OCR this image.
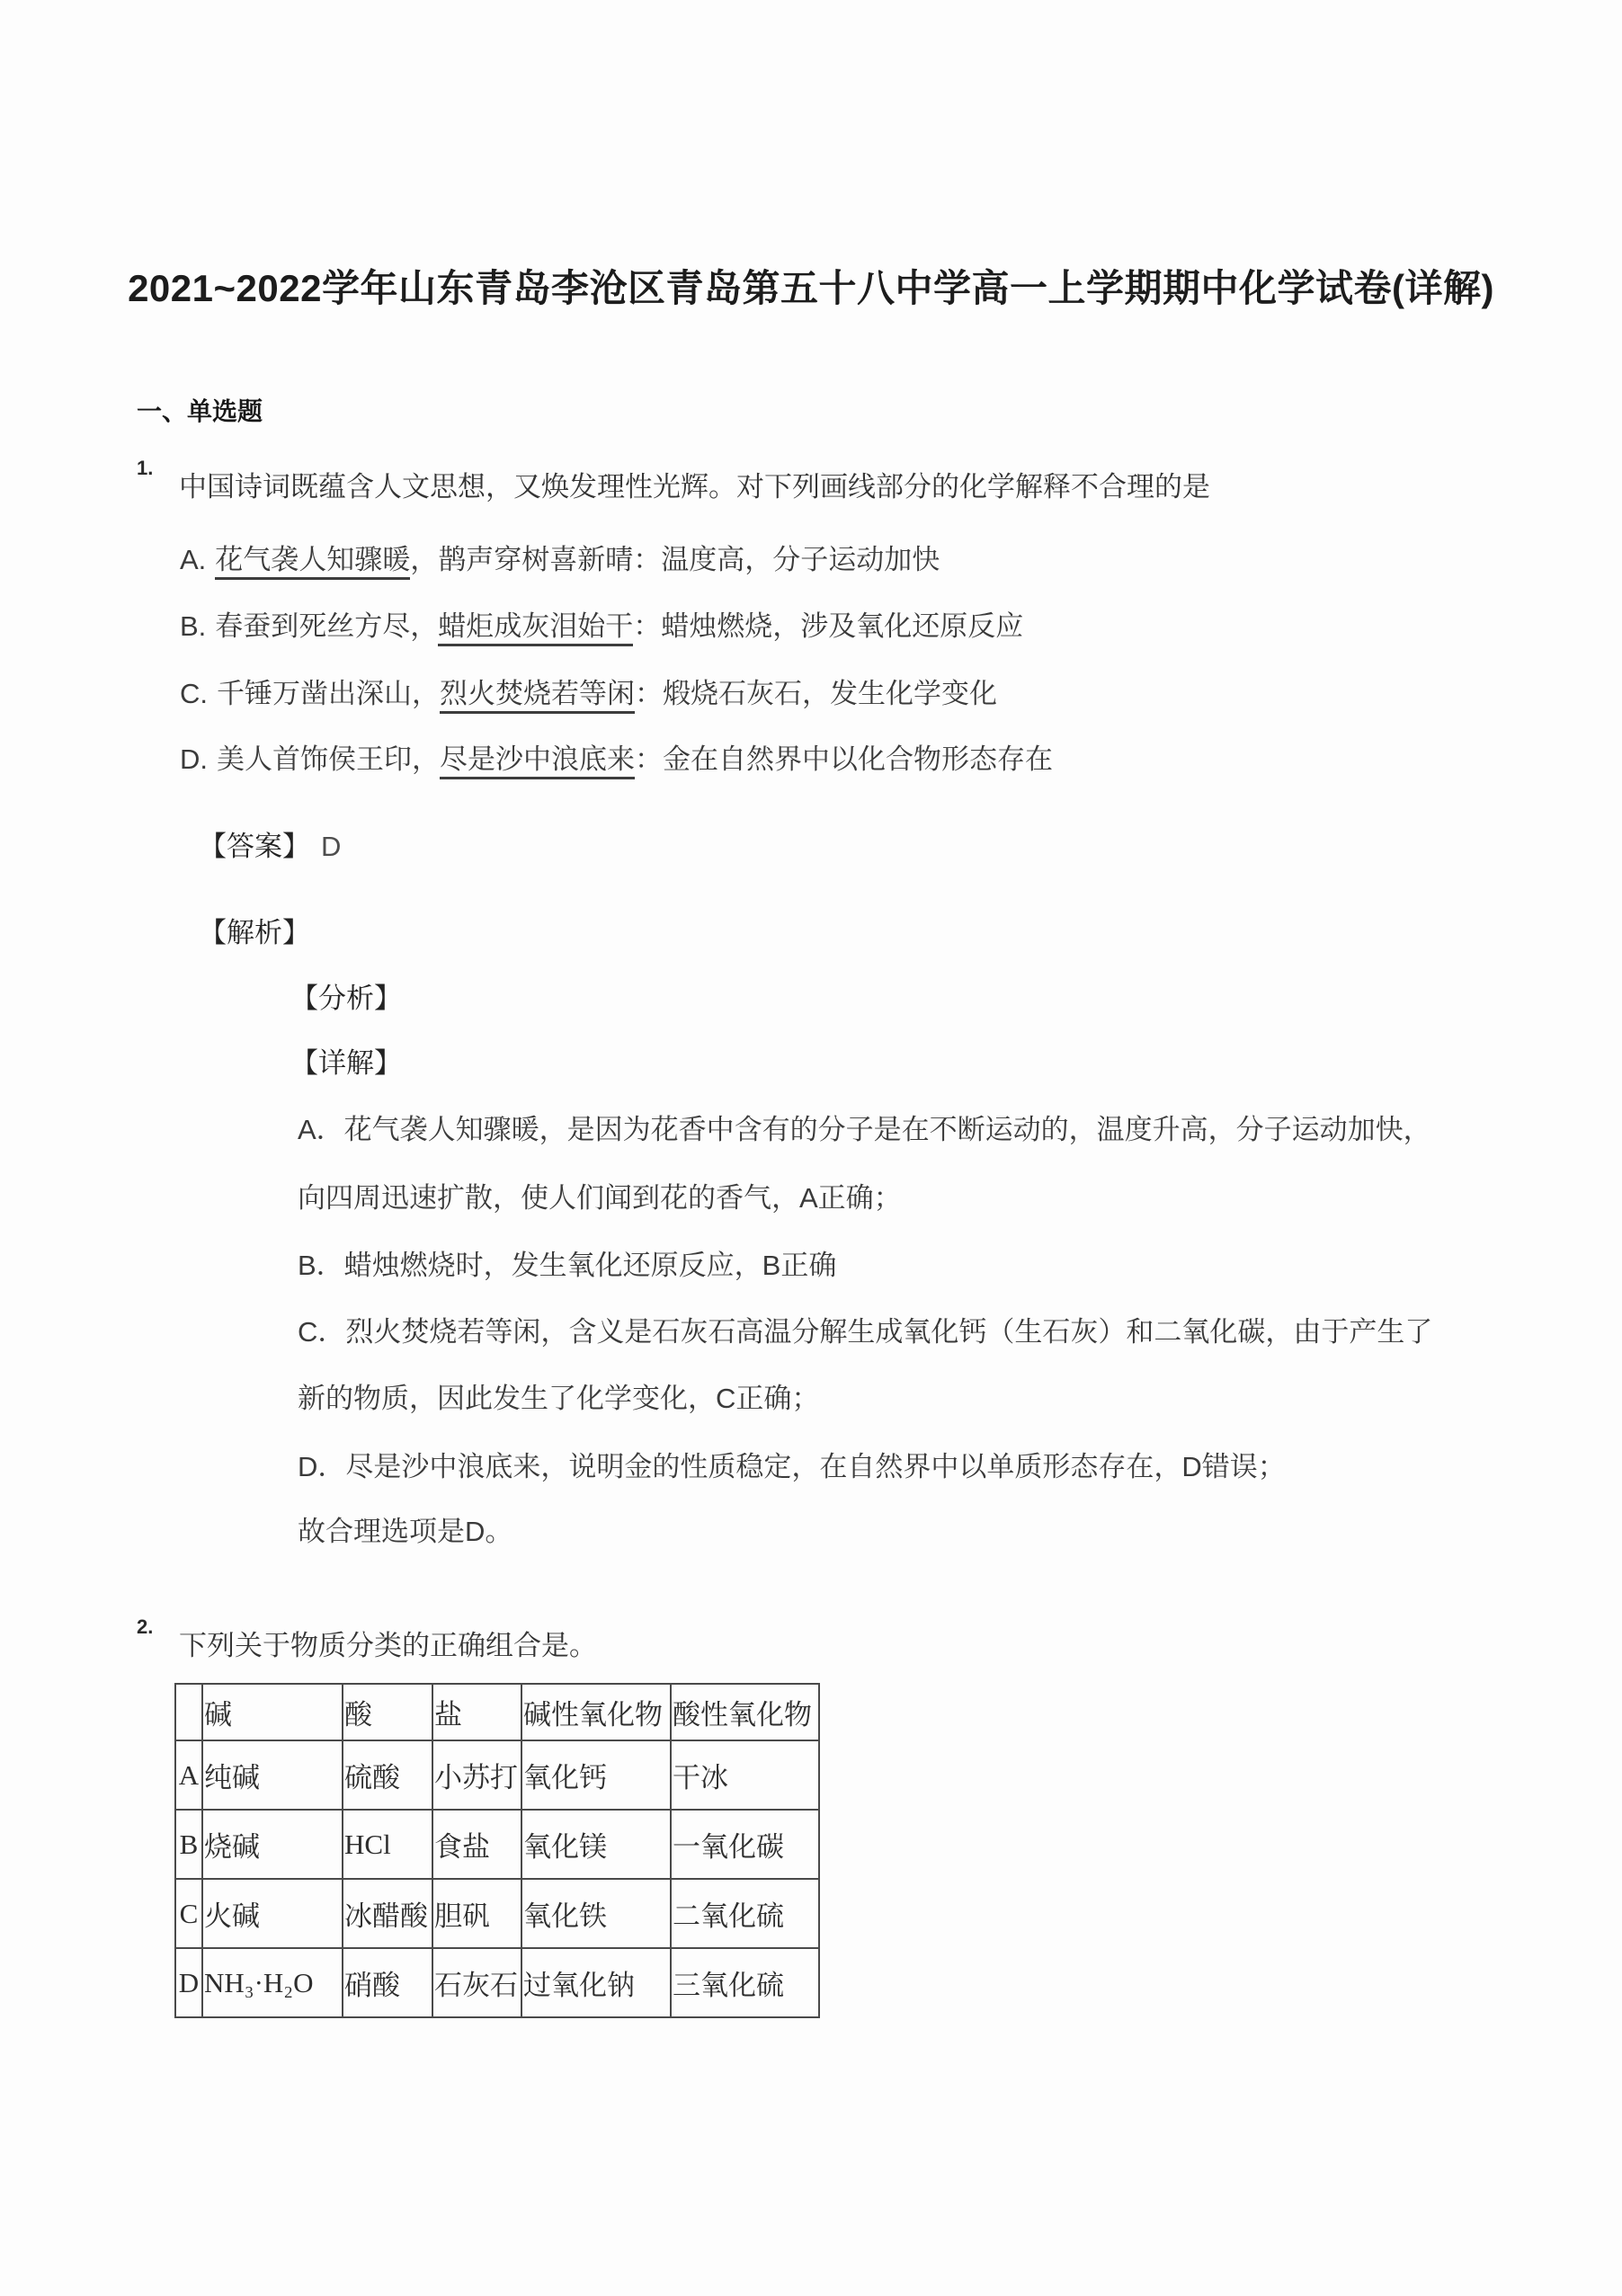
2021~2022学年山东青岛李沧区青岛第五十八中学高一上学期期中化学试卷(详解)
一、单选题
1.
中国诗词既蕴含人文思想，又焕发理性光辉。对下列画线部分的化学解释不合理的是
A. 花气袭人知骤暖，鹊声穿树喜新晴：温度高，分子运动加快
B. 春蚕到死丝方尽，蜡炬成灰泪始干：蜡烛燃烧，涉及氧化还原反应
C. 千锤万凿出深山，烈火焚烧若等闲：煅烧石灰石，发生化学变化
D. 美人首饰侯王印，尽是沙中浪底来：金在自然界中以化合物形态存在
【答案】 D
【解析】
【分析】
【详解】
A．花气袭人知骤暖，是因为花香中含有的分子是在不断运动的，温度升高，分子运动加快，
向四周迅速扩散，使人们闻到花的香气，A正确；
B．蜡烛燃烧时，发生氧化还原反应，B正确
C．烈火焚烧若等闲，含义是石灰石高温分解生成氧化钙（生石灰）和二氧化碳，由于产生了
新的物质，因此发生了化学变化，C正确；
D．尽是沙中浪底来，说明金的性质稳定，在自然界中以单质形态存在，D错误；
故合理选项是D。
2.
下列关于物质分类的正确组合是。
	碱	酸	盐	碱性氧化物	酸性氧化物
A	纯碱	硫酸	小苏打	氧化钙	干冰
B	烧碱	HCl	食盐	氧化镁	一氧化碳
C	火碱	冰醋酸	胆矾	氧化铁	二氧化硫
D	NH₃·H₂O	硝酸	石灰石	过氧化钠	三氧化硫
